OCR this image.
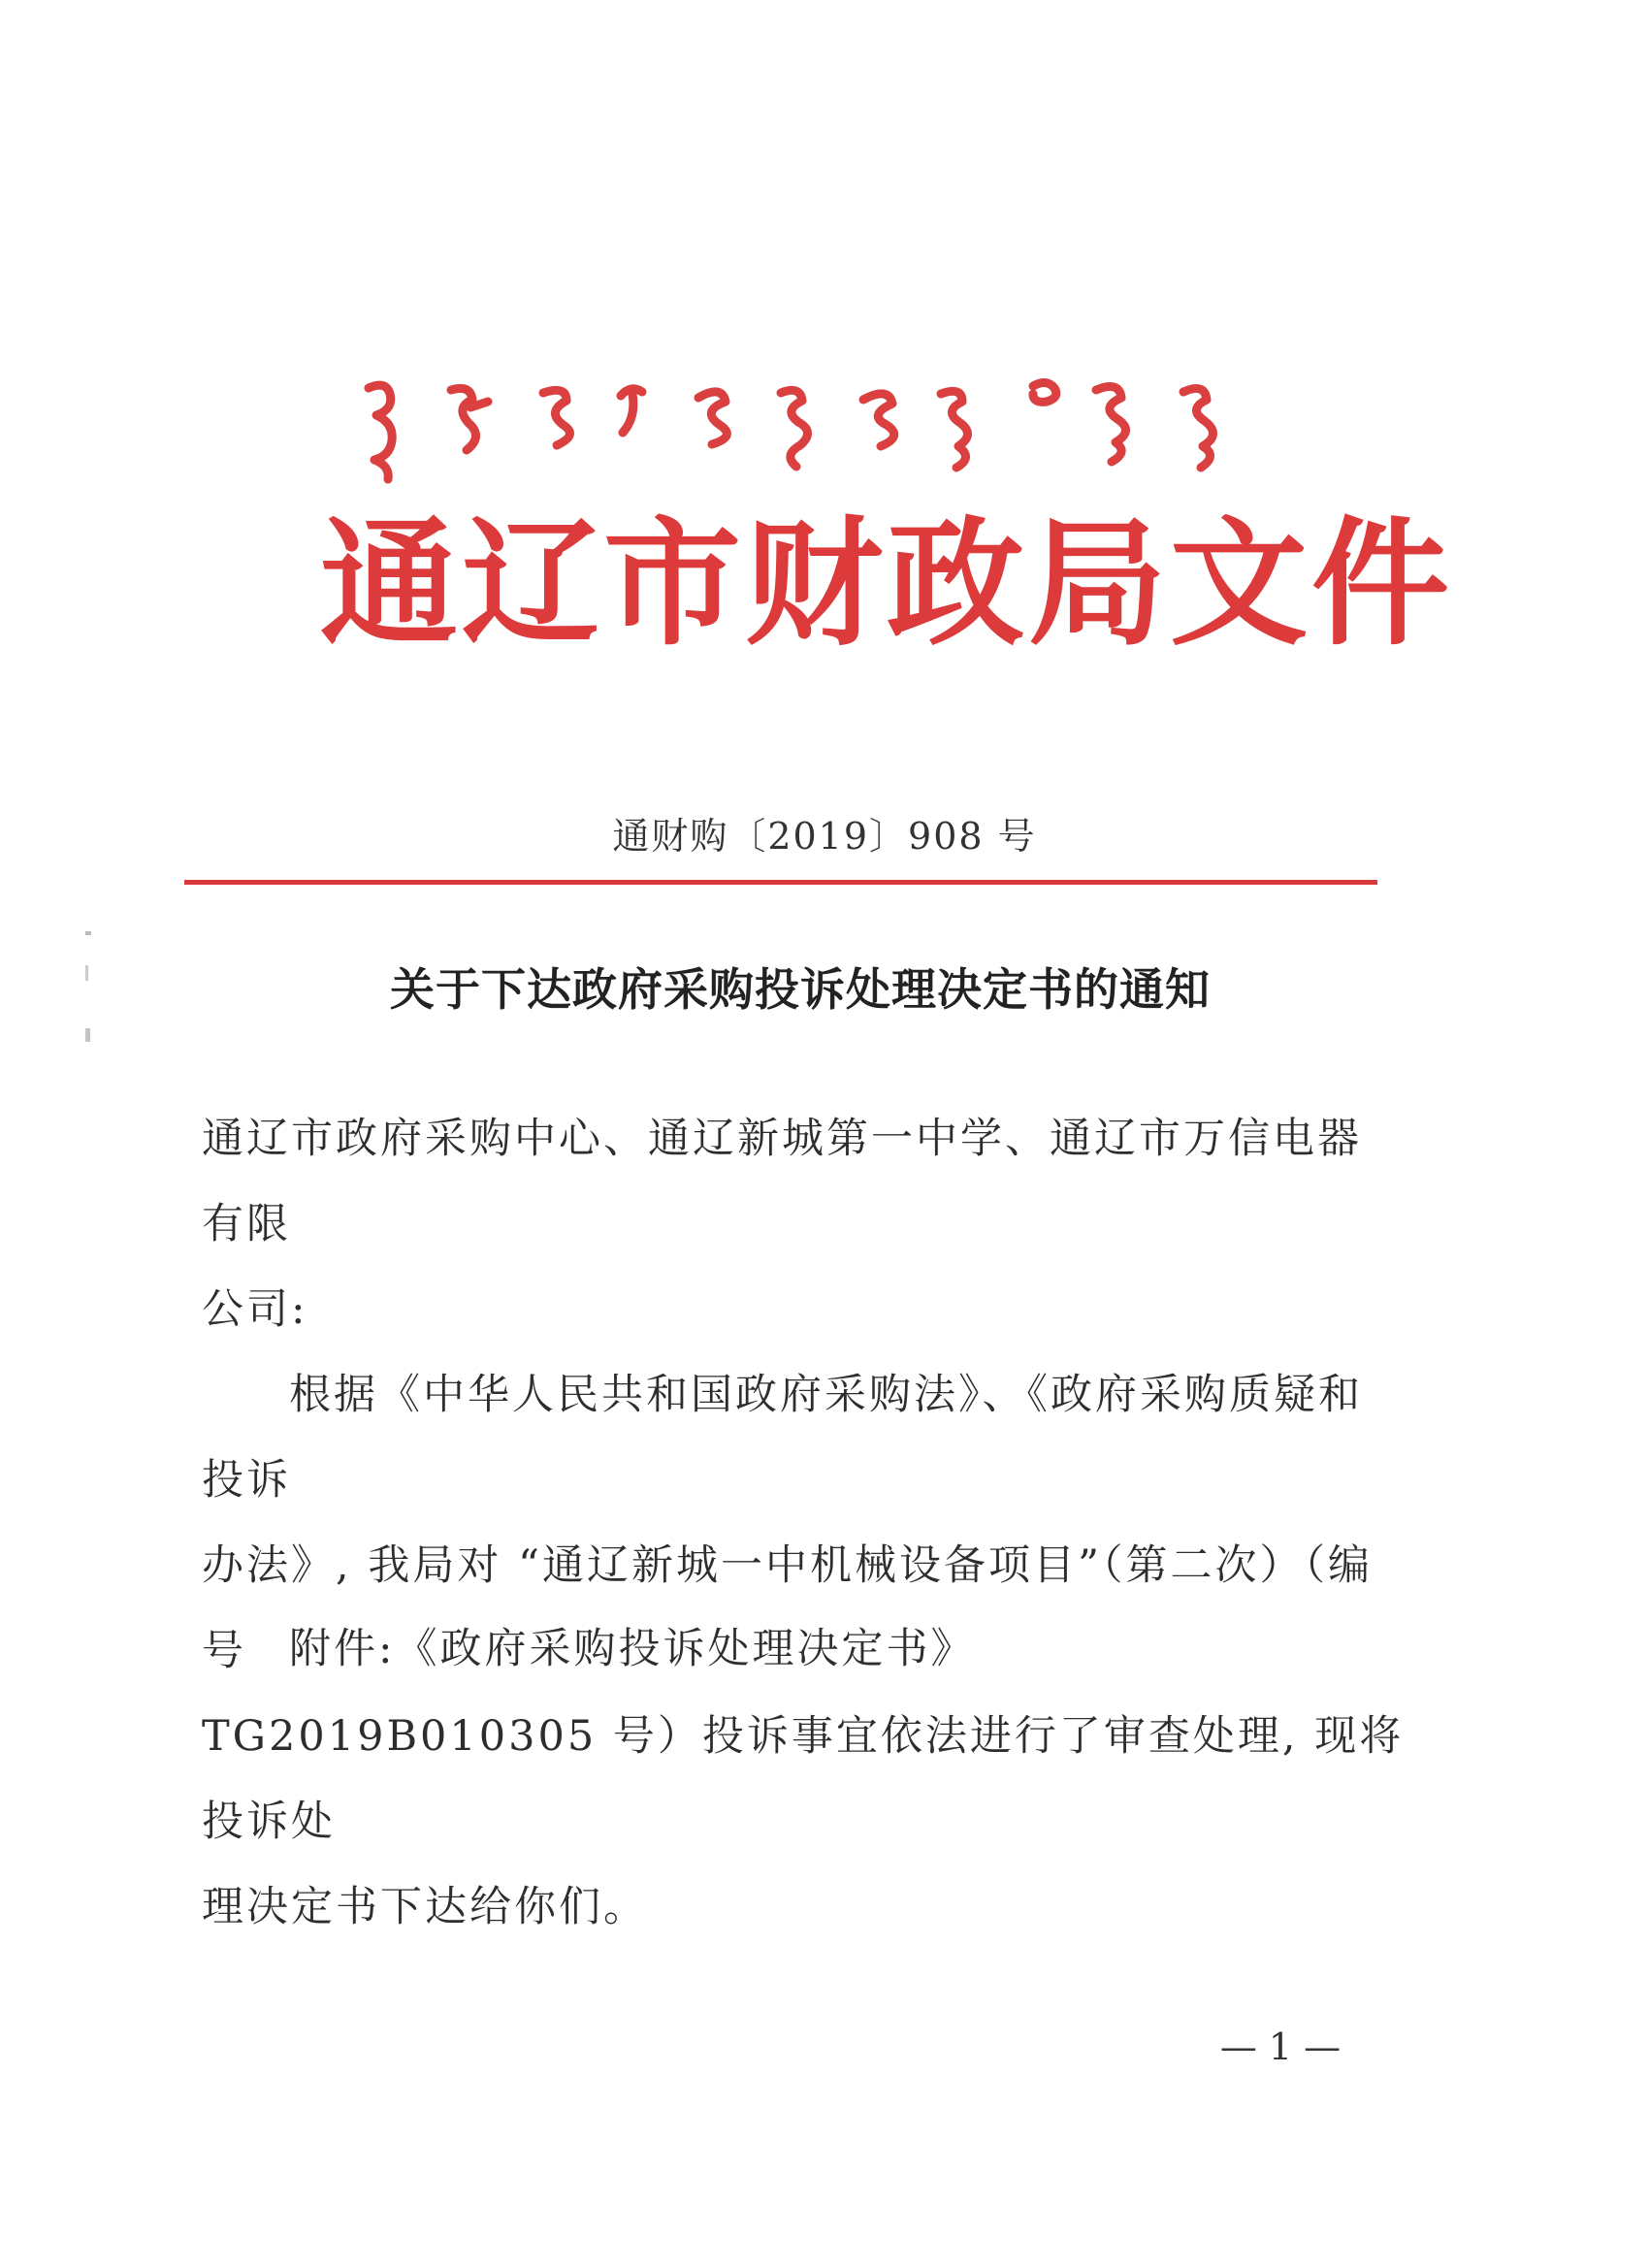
通辽市财政局文件
通财购〔2019〕908 号
关于下达政府采购投诉处理决定书的通知

通辽市政府采购中心、通辽新城第一中学、通辽市万信电器有限

公司:

根据《中华人民共和国政府采购法》、《政府采购质疑和投诉

办法》, 我局对 “通辽新城一中机械设备项目”（第二次）（编号

TG2019B010305 号）投诉事宜依法进行了审查处理, 现将投诉处

理决定书下达给你们。

附件:《政府采购投诉处理决定书》
— 1 —
